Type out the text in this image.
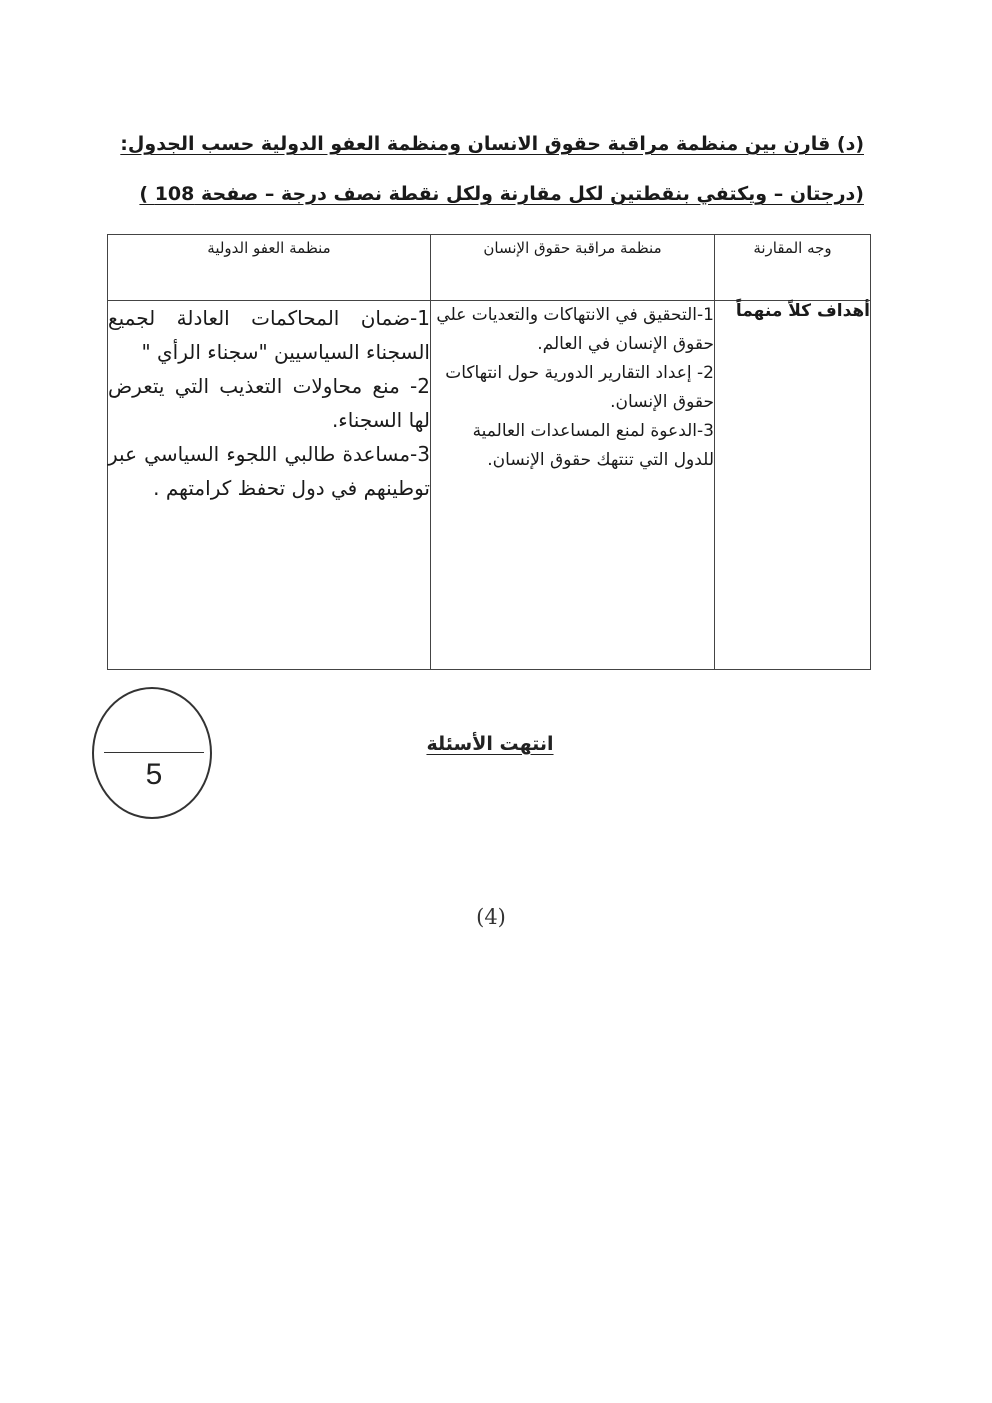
(د) قارن بين منظمة مراقبة حقوق الانسان ومنظمة العفو الدولية حسب الجدول:
(درجتان – ويكتفي بنقطتين لكل مقارنة ولكل نقطة نصف درجة – صفحة 108 )
وجه المقارنة	منظمة مراقبة حقوق الإنسان	منظمة العفو الدولية
أهداف كلاً منهماً	1-التحقيق في الانتهاكات والتعديات علي حقوق الإنسان في العالم.
2- إعداد التقارير الدورية حول انتهاكات حقوق الإنسان.
3-الدعوة لمنع المساعدات العالمية للدول التي تنتهك حقوق الإنسان.	1-ضمان المحاكمات العادلة لجميع السجناء السياسيين "سجناء الرأي "
2- منع محاولات التعذيب التي يتعرض لها السجناء.
3-مساعدة طالبي اللجوء السياسي عبر توطينهم في دول تحفظ كرامتهم .
5
انتهت الأسئلة
(4)
